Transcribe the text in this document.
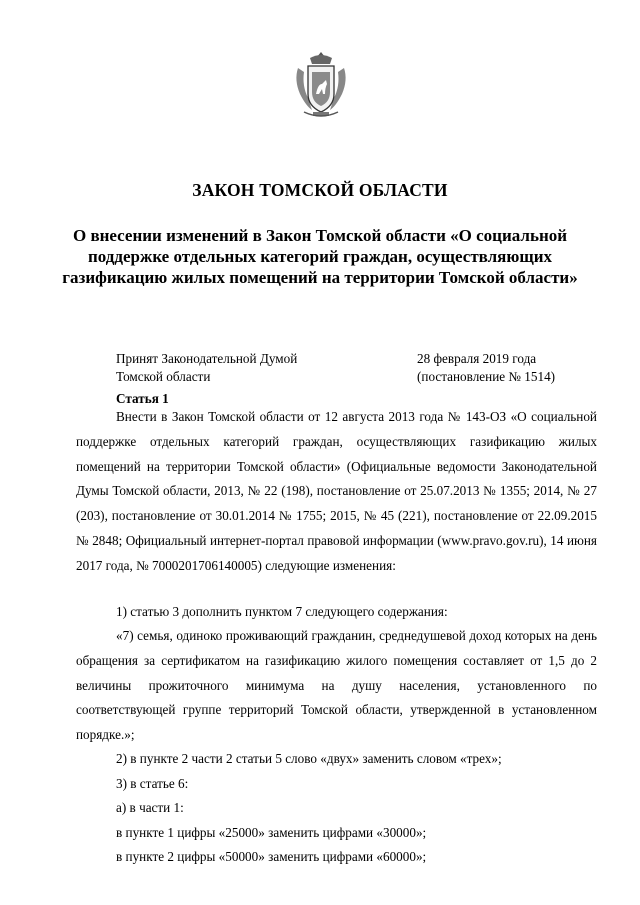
ЗАКОН ТОМСКОЙ ОБЛАСТИ
О внесении изменений в Закон Томской области «О социальной поддержке отдельных категорий граждан, осуществляющих газификацию жилых помещений на территории Томской области»
Принят Законодательной Думой
Томской области
28 февраля 2019 года
(постановление № 1514)
Статья 1

Внести в Закон Томской области от 12 августа 2013 года № 143-ОЗ «О социальной поддержке отдельных категорий граждан, осуществляющих газификацию жилых помещений на территории Томской области» (Официальные ведомости Законодательной Думы Томской области, 2013, № 22 (198), постановление от 25.07.2013 № 1355; 2014, № 27 (203), постановление от 30.01.2014 № 1755; 2015, № 45 (221), постановление от 22.09.2015 № 2848; Официальный интернет-портал правовой информации (www.pravo.gov.ru), 14 июня 2017 года, № 7000201706140005) следующие изменения:

1) статью 3 дополнить пунктом 7 следующего содержания:

«7) семья, одиноко проживающий гражданин, среднедушевой доход которых на день обращения за сертификатом на газификацию жилого помещения составляет от 1,5 до 2 величины прожиточного минимума на душу населения, установленного по соответствующей группе территорий Томской области, утвержденной в установленном порядке.»;

2) в пункте 2 части 2 статьи 5 слово «двух» заменить словом «трех»;
3) в статье 6:
а) в части 1:
в пункте 1 цифры «25000» заменить цифрами «30000»;
в пункте 2 цифры «50000» заменить цифрами «60000»;
